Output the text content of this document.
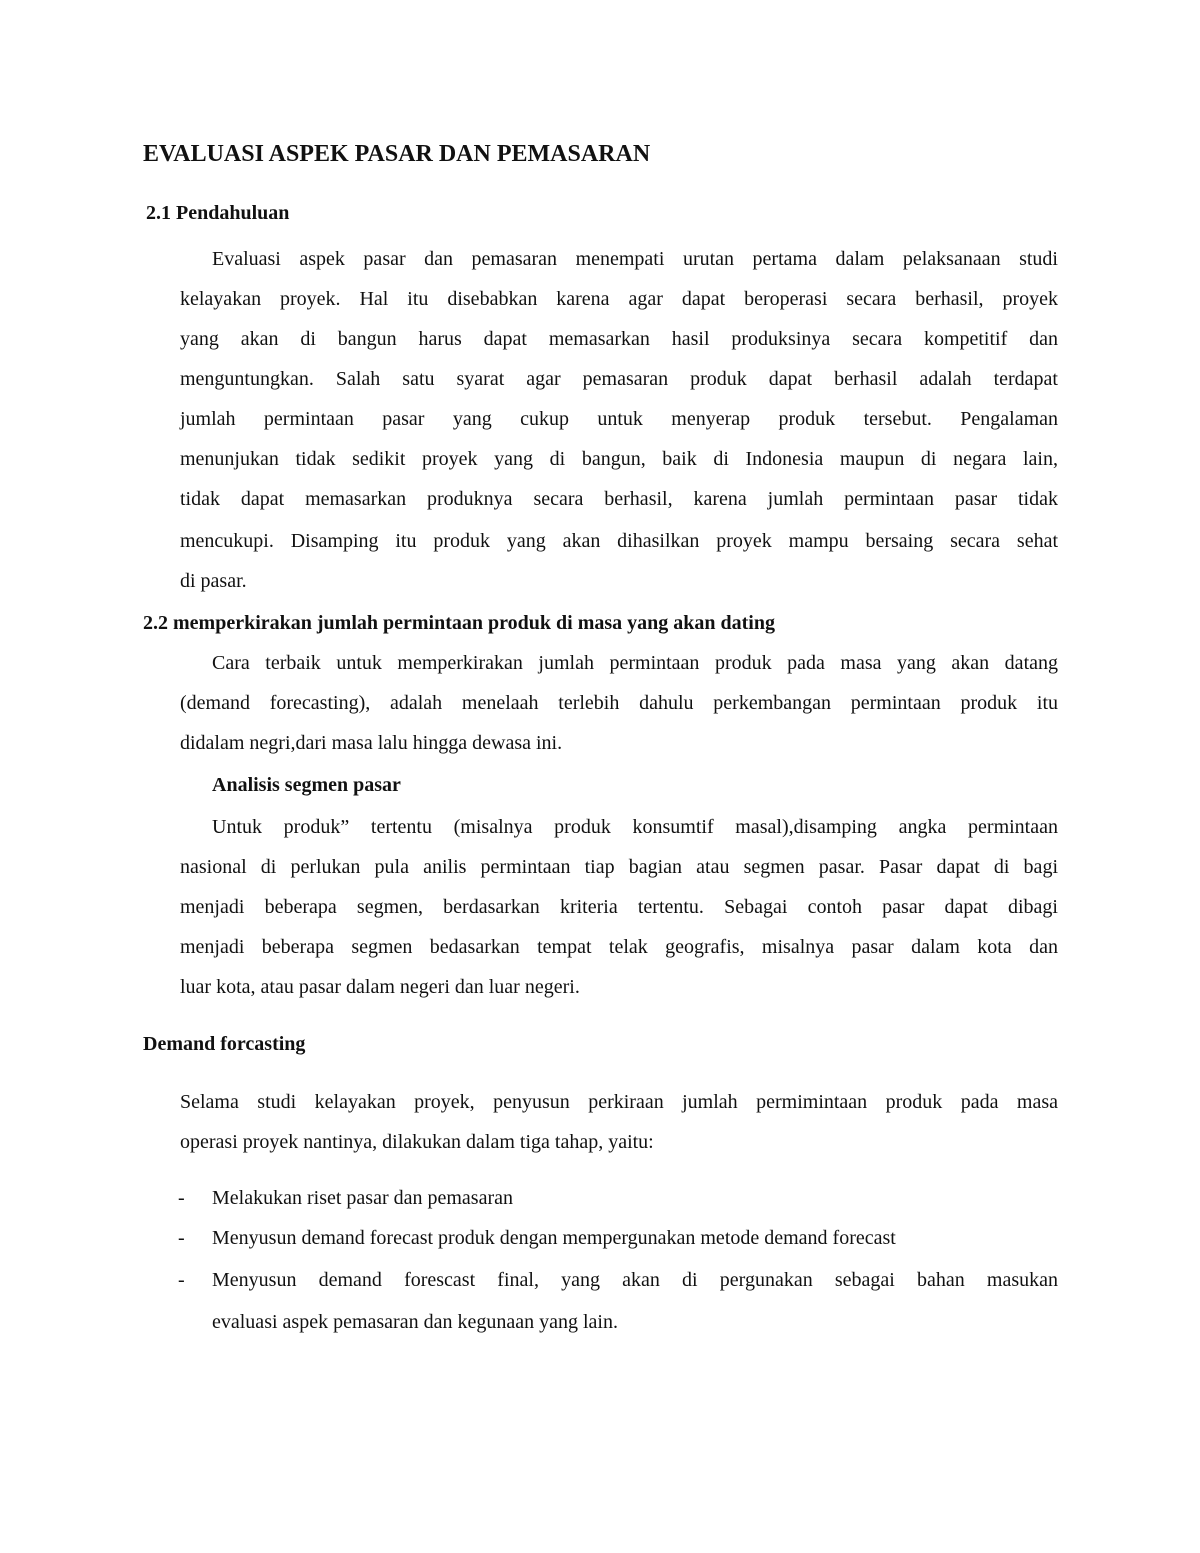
EVALUASI ASPEK PASAR DAN PEMASARAN
2.1 Pendahuluan
Evaluasi aspek pasar dan pemasaran menempati urutan pertama dalam pelaksanaan studi
kelayakan proyek. Hal itu disebabkan karena agar dapat beroperasi secara berhasil, proyek
yang akan di bangun harus dapat memasarkan hasil produksinya secara kompetitif dan
menguntungkan. Salah satu syarat agar pemasaran produk dapat berhasil adalah terdapat
jumlah permintaan pasar yang cukup untuk menyerap produk tersebut. Pengalaman
menunjukan tidak sedikit proyek yang di bangun, baik di Indonesia maupun di negara lain,
tidak dapat memasarkan produknya secara berhasil, karena jumlah permintaan pasar tidak
mencukupi. Disamping itu produk yang akan dihasilkan proyek mampu bersaing secara sehat
di pasar.
2.2 memperkirakan jumlah permintaan produk di masa yang akan dating
Cara terbaik untuk memperkirakan jumlah permintaan produk pada masa yang akan datang
(demand forecasting), adalah menelaah terlebih dahulu perkembangan permintaan produk itu
didalam negri,dari masa lalu hingga dewasa ini.
Analisis segmen pasar
Untuk produk” tertentu (misalnya produk konsumtif masal),disamping angka permintaan
nasional di perlukan pula anilis permintaan tiap bagian atau segmen pasar. Pasar dapat di bagi
menjadi beberapa segmen, berdasarkan kriteria tertentu. Sebagai contoh pasar dapat dibagi
menjadi beberapa segmen bedasarkan tempat telak geografis, misalnya pasar dalam kota dan
luar kota, atau pasar dalam negeri dan luar negeri.
Demand forcasting
Selama studi kelayakan proyek, penyusun perkiraan jumlah permimintaan produk pada masa
operasi proyek nantinya, dilakukan dalam tiga tahap, yaitu:
- Melakukan riset pasar dan pemasaran
- Menyusun demand forecast produk dengan mempergunakan metode demand forecast
- Menyusun demand forescast final, yang akan di pergunakan sebagai bahan masukan
evaluasi aspek pemasaran dan kegunaan yang lain.
